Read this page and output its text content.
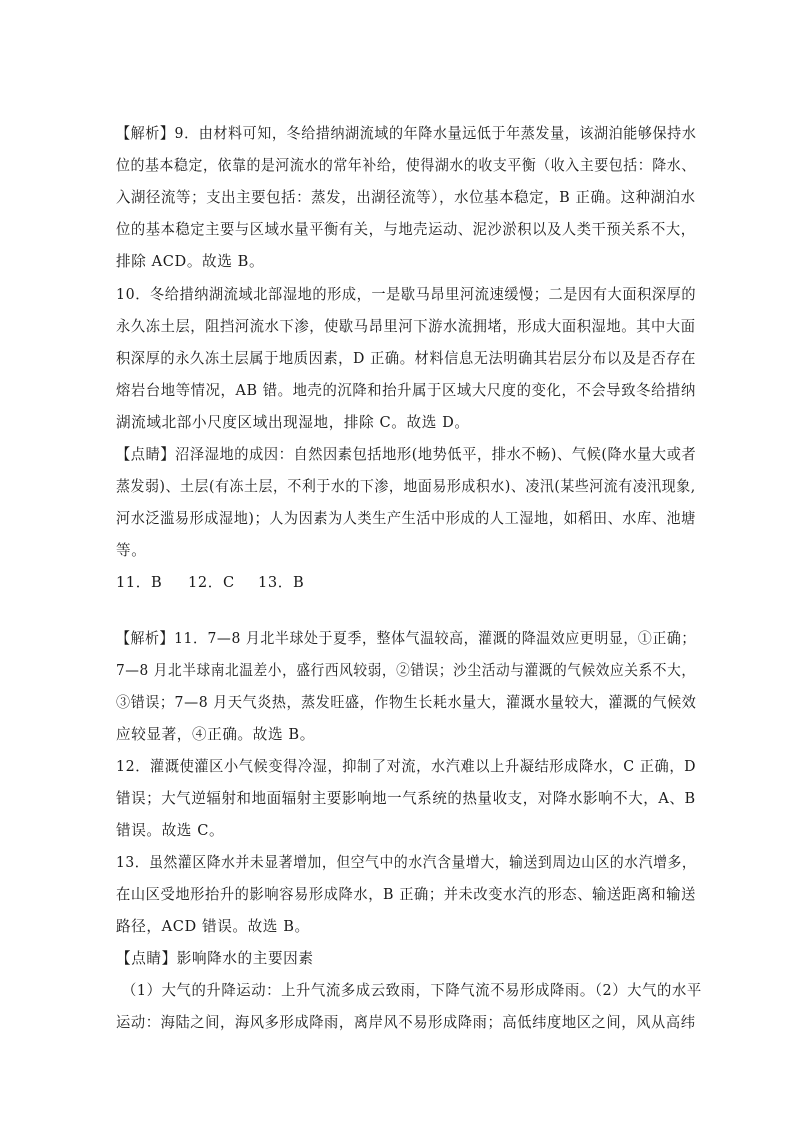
【解析】9．由材料可知，冬给措纳湖流域的年降水量远低于年蒸发量，该湖泊能够保持水
位的基本稳定，依靠的是河流水的常年补给，使得湖水的收支平衡（收入主要包括：降水、
入湖径流等；支出主要包括：蒸发，出湖径流等），水位基本稳定，B 正确。这种湖泊水
位的基本稳定主要与区域水量平衡有关，与地壳运动、泥沙淤积以及人类干预关系不大，
排除 ACD。故选 B。
10．冬给措纳湖流域北部湿地的形成，一是歇马昂里河流速缓慢；二是因有大面积深厚的
永久冻土层，阻挡河流水下渗，使歇马昂里河下游水流拥堵，形成大面积湿地。其中大面
积深厚的永久冻土层属于地质因素，D 正确。材料信息无法明确其岩层分布以及是否存在
熔岩台地等情况，AB 错。地壳的沉降和抬升属于区域大尺度的变化，不会导致冬给措纳
湖流域北部小尺度区域出现湿地，排除 C。故选 D。
【点睛】沼泽湿地的成因：自然因素包括地形(地势低平，排水不畅)、气候(降水量大或者
蒸发弱)、土层(有冻土层，不利于水的下渗，地面易形成积水)、凌汛(某些河流有凌汛现象,
河水泛滥易形成湿地)；人为因素为人类生产生活中形成的人工湿地，如稻田、水库、池塘
等。
11．B 12．C 13．B
【解析】11．7—8 月北半球处于夏季，整体气温较高，灌溉的降温效应更明显，①正确；
7—8 月北半球南北温差小，盛行西风较弱，②错误；沙尘活动与灌溉的气候效应关系不大，
③错误；7—8 月天气炎热，蒸发旺盛，作物生长耗水量大，灌溉水量较大，灌溉的气候效
应较显著，④正确。故选 B。
12．灌溉使灌区小气候变得冷湿，抑制了对流，水汽难以上升凝结形成降水，C 正确，D
错误；大气逆辐射和地面辐射主要影响地一气系统的热量收支，对降水影响不大，A、B
错误。故选 C。
13．虽然灌区降水并未显著增加，但空气中的水汽含量增大，输送到周边山区的水汽增多，
在山区受地形抬升的影响容易形成降水，B 正确；并未改变水汽的形态、输送距离和输送
路径，ACD 错误。故选 B。
【点睛】影响降水的主要因素
（1）大气的升降运动：上升气流多成云致雨，下降气流不易形成降雨。（2）大气的水平
运动：海陆之间，海风多形成降雨，离岸风不易形成降雨；高低纬度地区之间，风从高纬
